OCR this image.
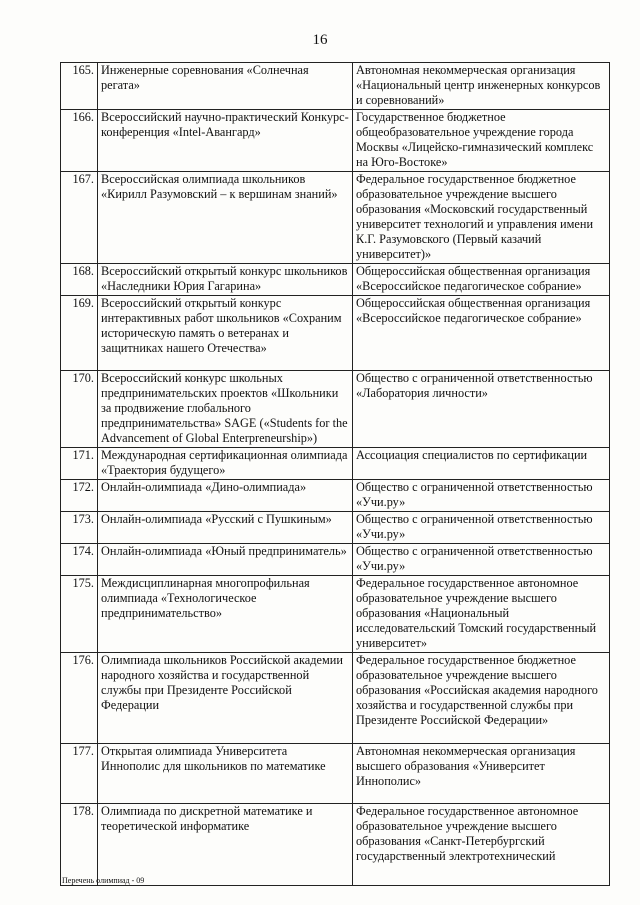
16
165.	Инженерные соревнования «Солнечная регата»	Автономная некоммерческая организация «Национальный центр инженерных конкурсов и соревнований»
166.	Всероссийский научно-практический Конкурс-конференция «Intel-Авангард»	Государственное бюджетное общеобразовательное учреждение города Москвы «Лицейско-гимназический комплекс на Юго-Востоке»
167.	Всероссийская олимпиада школьников «Кирилл Разумовский – к вершинам знаний»	Федеральное государственное бюджетное образовательное учреждение высшего образования «Московский государственный университет технологий и управления имени К.Г. Разумовского (Первый казачий университет)»
168.	Всероссийский открытый конкурс школьников «Наследники Юрия Гагарина»	Общероссийская общественная организация «Всероссийское педагогическое собрание»
169.	Всероссийский открытый конкурс интерактивных работ школьников «Сохраним историческую память о ветеранах и защитниках нашего Отечества»	Общероссийская общественная организация «Всероссийское педагогическое собрание»
170.	Всероссийский конкурс школьных предпринимательских проектов «Школьники за продвижение глобального предпринимательства» SAGE («Students for the Advancement of Global Enterpreneurship»)	Общество с ограниченной ответственностью «Лаборатория личности»
171.	Международная сертификационная олимпиада «Траектория будущего»	Ассоциация специалистов по сертификации
172.	Онлайн-олимпиада «Дино-олимпиада»	Общество с ограниченной ответственностью «Учи.ру»
173.	Онлайн-олимпиада «Русский с Пушкиным»	Общество с ограниченной ответственностью «Учи.ру»
174.	Онлайн-олимпиада «Юный предприниматель»	Общество с ограниченной ответственностью «Учи.ру»
175.	Междисциплинарная многопрофильная олимпиада «Технологическое предпринимательство»	Федеральное государственное автономное образовательное учреждение высшего образования «Национальный исследовательский Томский государственный университет»
176.	Олимпиада школьников Российской академии народного хозяйства и государственной службы при Президенте Российской Федерации	Федеральное государственное бюджетное образовательное учреждение высшего образования «Российская академия народного хозяйства и государственной службы при Президенте Российской Федерации»
177.	Открытая олимпиада Университета Иннополис для школьников по математике	Автономная некоммерческая организация высшего образования «Университет Иннополис»
178.	Олимпиада по дискретной математике и теоретической информатике	Федеральное государственное автономное образовательное учреждение высшего образования «Санкт-Петербургский государственный электротехнический
Перечень олимпиад - 09
